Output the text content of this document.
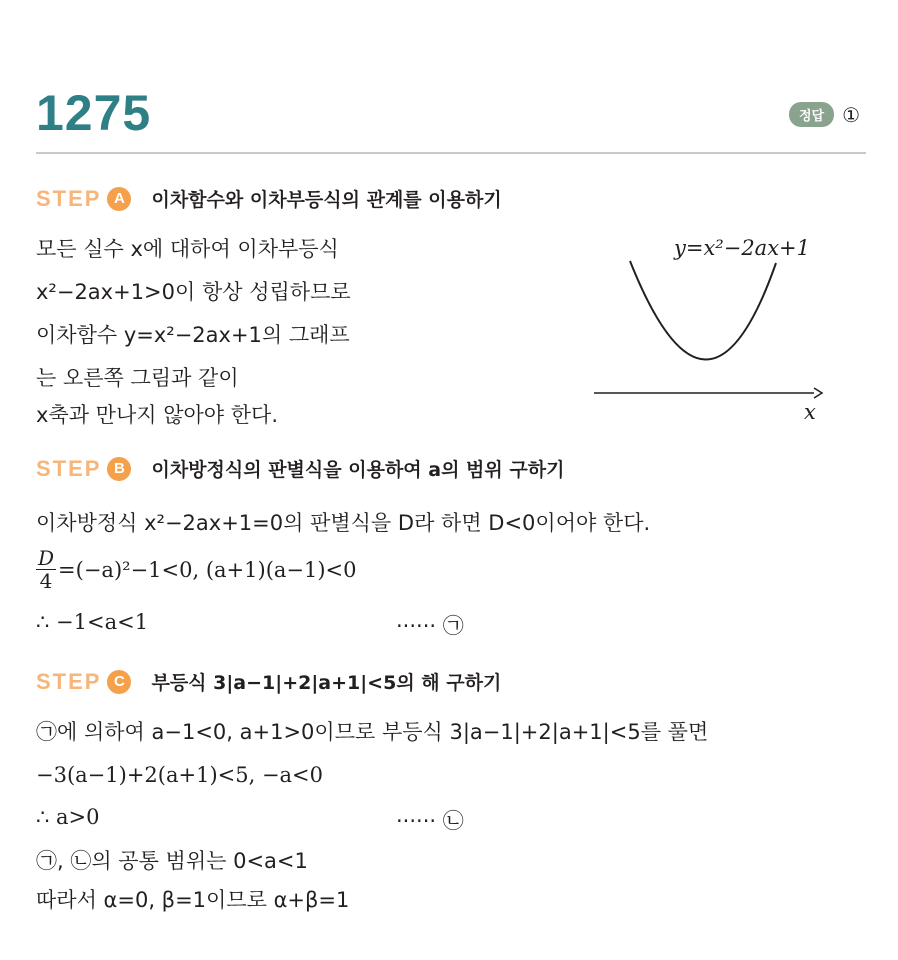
1275	정답 ①
STEP A	이차함수와 이차부등식의 관계를 이용하기
모든 실수 x에 대하여 이차부등식
x²−2ax+1>0이 항상 성립하므로
이차함수 y=x²−2ax+1의 그래프
는 오른쪽 그림과 같이
x축과 만나지 않아야 한다.
y=x²−2ax+1
x
STEP B	이차방정식의 판별식을 이용하여 a의 범위 구하기
이차방정식 x²−2ax+1=0의 판별식을 D라 하면 D<0이어야 한다.
$\frac{D}{4} =(-a)^2-1<0$, (a+1)(a−1)<0
∴ −1<a<1	······ ㉠
STEP C	부등식 3|a−1|+2|a+1|<5의 해 구하기
㉠에 의하여 a−1<0, a+1>0이므로 부등식 3|a−1|+2|a+1|<5를 풀면
−3(a−1)+2(a+1)<5, −a<0
∴ a>0	······ ㉡
㉠, ㉡의 공통 범위는 0<a<1
따라서 α=0, β=1이므로 α+β=1
